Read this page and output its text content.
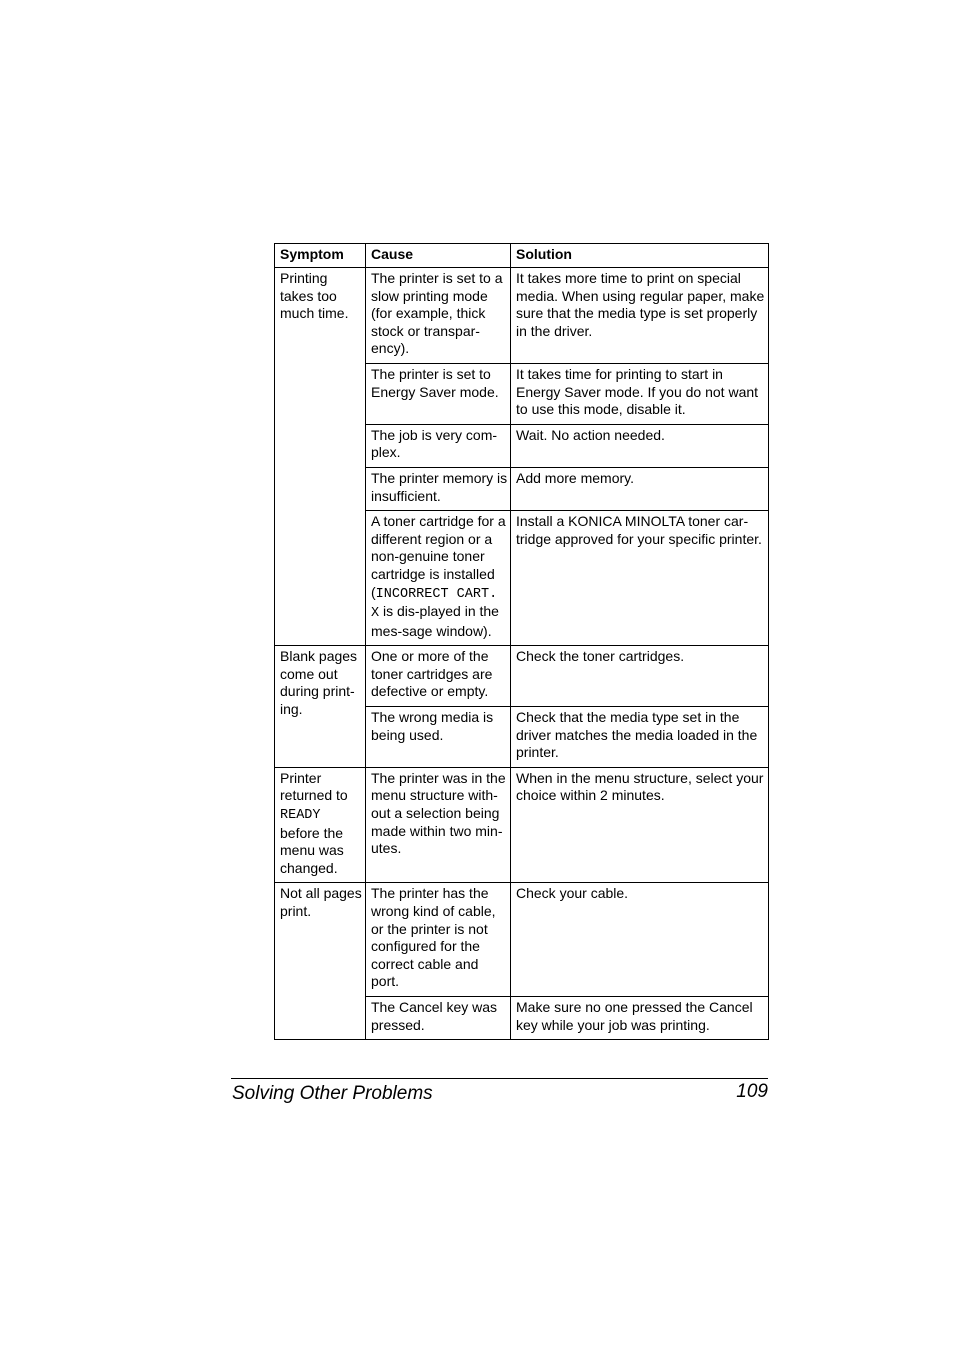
Symptom	Cause	Solution
Printing takes too much time.	The printer is set to a slow printing mode (for example, thick stock or transpar-ency).	It takes more time to print on special media. When using regular paper, make sure that the media type is set properly in the driver.
	The printer is set to Energy Saver mode.	It takes time for printing to start in Energy Saver mode. If you do not want to use this mode, disable it.
	The job is very com-plex.	Wait. No action needed.
	The printer memory is insufficient.	Add more memory.
	A toner cartridge for a different region or a non-genuine toner cartridge is installed (INCORRECT CART. X is dis-played in the mes-sage window).	Install a KONICA MINOLTA toner car-tridge approved for your specific printer.
Blank pages come out during print-ing.	One or more of the toner cartridges are defective or empty.	Check the toner cartridges.
	The wrong media is being used.	Check that the media type set in the driver matches the media loaded in the printer.
Printer returned to READY before the menu was changed.	The printer was in the menu structure with-out a selection being made within two min-utes.	When in the menu structure, select your choice within 2 minutes.
Not all pages print.	The printer has the wrong kind of cable, or the printer is not configured for the correct cable and port.	Check your cable.
	The Cancel key was pressed.	Make sure no one pressed the Cancel key while your job was printing.
Solving Other Problems	109
